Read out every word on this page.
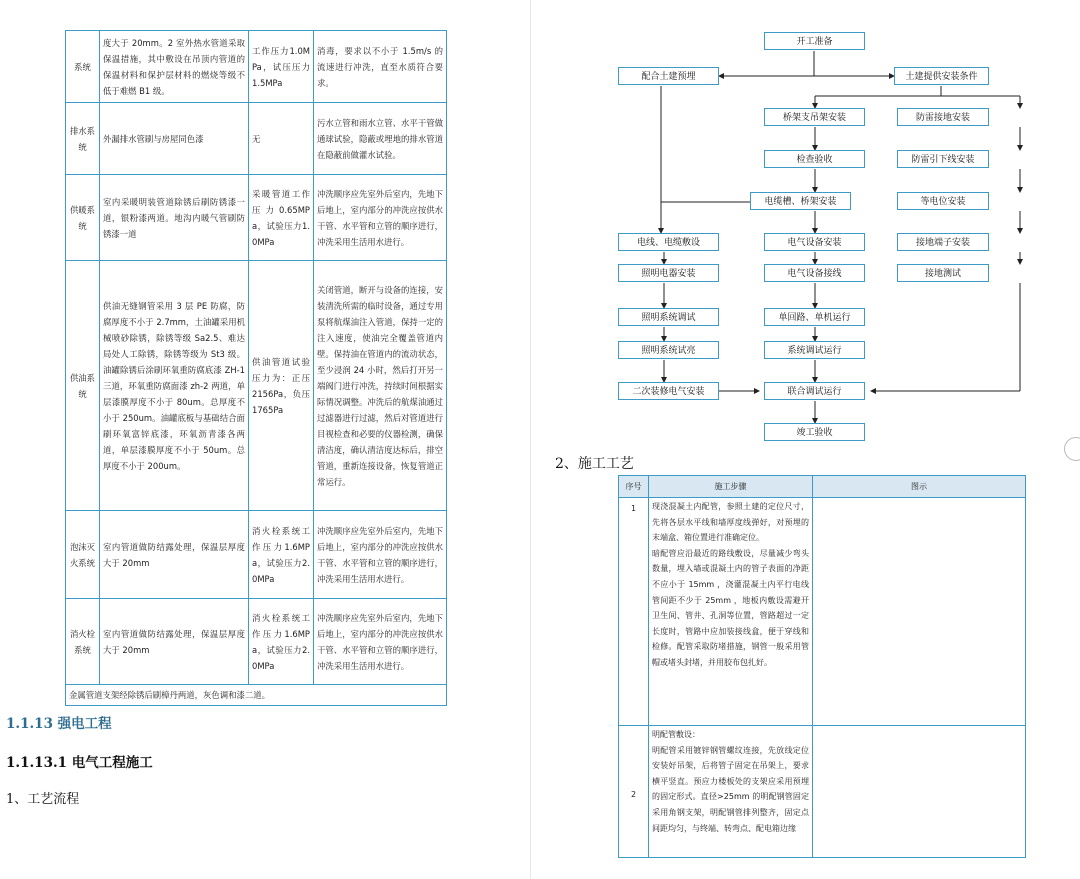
系统	度大于 20mm。2 室外热水管道采取保温措施，其中敷设在吊顶内管道的保温材料和保护层材料的燃烧等级不低于难燃 B1 级。	工作压力1.0MPa，试压压力1.5MPa	消毒，要求以不小于 1.5m/s 的流速进行冲洗，直至水质符合要求。
排水系统	外漏排水管刷与房屋同色漆	无	污水立管和雨水立管、水平干管做通球试验，隐蔽或埋地的排水管道在隐蔽前做灌水试验。
供暖系统	室内采暖明装管道除锈后刷防锈漆一道，银粉漆两道。地沟内暖气管刷防锈漆一道	采暖管道工作压力0.65MPa，试验压力1.0MPa	冲洗顺序应先室外后室内，先地下后地上，室内部分的冲洗应按供水干管、水平管和立管的顺序进行，冲洗采用生活用水进行。
供油系统	供油无缝钢管采用 3 层 PE 防腐，防腐厚度不小于 2.7mm，土油罐采用机械喷砂除锈，除锈等级 Sa2.5、难达局处人工除锈，除锈等级为 St3 级。油罐除锈后涂刷环氧重防腐底漆 ZH-1 三道，环氧重防腐面漆 zh-2 两道，单层漆膜厚度不小于 80um。总厚度不小于 250um。油罐底板与基础结合面刷环氧富锌底漆，环氧沥青漆各两道，单层漆膜厚度不小于 50um。总厚度不小于 200um。	供油管道试验压力为：正压 2156Pa，负压 1765Pa	关闭管道，断开与设备的连接，安装清洗所需的临时设备，通过专用泵将航煤油注入管道，保持一定的注入速度，使油完全覆盖管道内壁。保持油在管道内的流动状态，至少浸润 24 小时，然后打开另一端阀门进行冲洗，持续时间根据实际情况调整。冲洗后的航煤油通过过滤器进行过滤，然后对管道进行目视检查和必要的仪器检测，确保清洁度，确认清洁度达标后，排空管道，重新连接设备，恢复管道正常运行。
泡沫灭火系统	室内管道做防结露处理，保温层厚度大于 20mm	消火栓系统工作压力1.6MPa，试验压力2.0MPa	冲洗顺序应先室外后室内，先地下后地上，室内部分的冲洗应按供水干管、水平管和立管的顺序进行，冲洗采用生活用水进行。
消火栓系统	室内管道做防结露处理，保温层厚度大于 20mm	消火栓系统工作压力1.6MPa，试验压力2.0MPa	冲洗顺序应先室外后室内，先地下后地上，室内部分的冲洗应按供水干管、水平管和立管的顺序进行，冲洗采用生活用水进行。
金属管道支架经除锈后刷樟丹两道，灰色调和漆二道。			
1.1.13 强电工程
1.1.13.1 电气工程施工
1、工艺流程
开工准备
配合土建预埋	土建提供安装条件
桥架支吊架安装	防雷接地安装
检查验收	防雷引下线安装
电缆槽、桥架安装	等电位安装
电线、电缆敷设	电气设备安装	接地端子安装
照明电器安装	电气设备接线	接地测试
照明系统调试	单回路、单机运行
照明系统试亮	系统调试运行
二次装修电气安装	联合调试运行
竣工验收
2、施工工艺
序号	施工步骤	图示
1	现浇混凝土内配管，参照土建的定位尺寸，先将各层水平线和墙厚度线弹好，对预埋的末端盒、箱位置进行准确定位。
暗配管应沿最近的路线敷设，尽量减少弯头数量，埋入墙或混凝土内的管子表面的净距不应小于 15mm ，浇灌混凝土内平行电线管间距不少于 25mm ，地板内敷设需避开卫生间、管井、孔洞等位置，管路超过一定长度时，管路中应加装接线盒，便于穿线和检修。配管采取防堵措施，钢管一般采用管帽或堵头封堵，并用胶布包扎好。	
2	明配管敷设：
明配管采用镀锌钢管螺纹连接，先放线定位安装好吊架，后将管子固定在吊架上，要求横平竖直。预应力楼板处的支架应采用预埋的固定形式。直径>25mm 的明配钢管固定采用角钢支架，明配钢管排列整齐，固定点间距均匀，与终端、转弯点、配电箱边缘	
